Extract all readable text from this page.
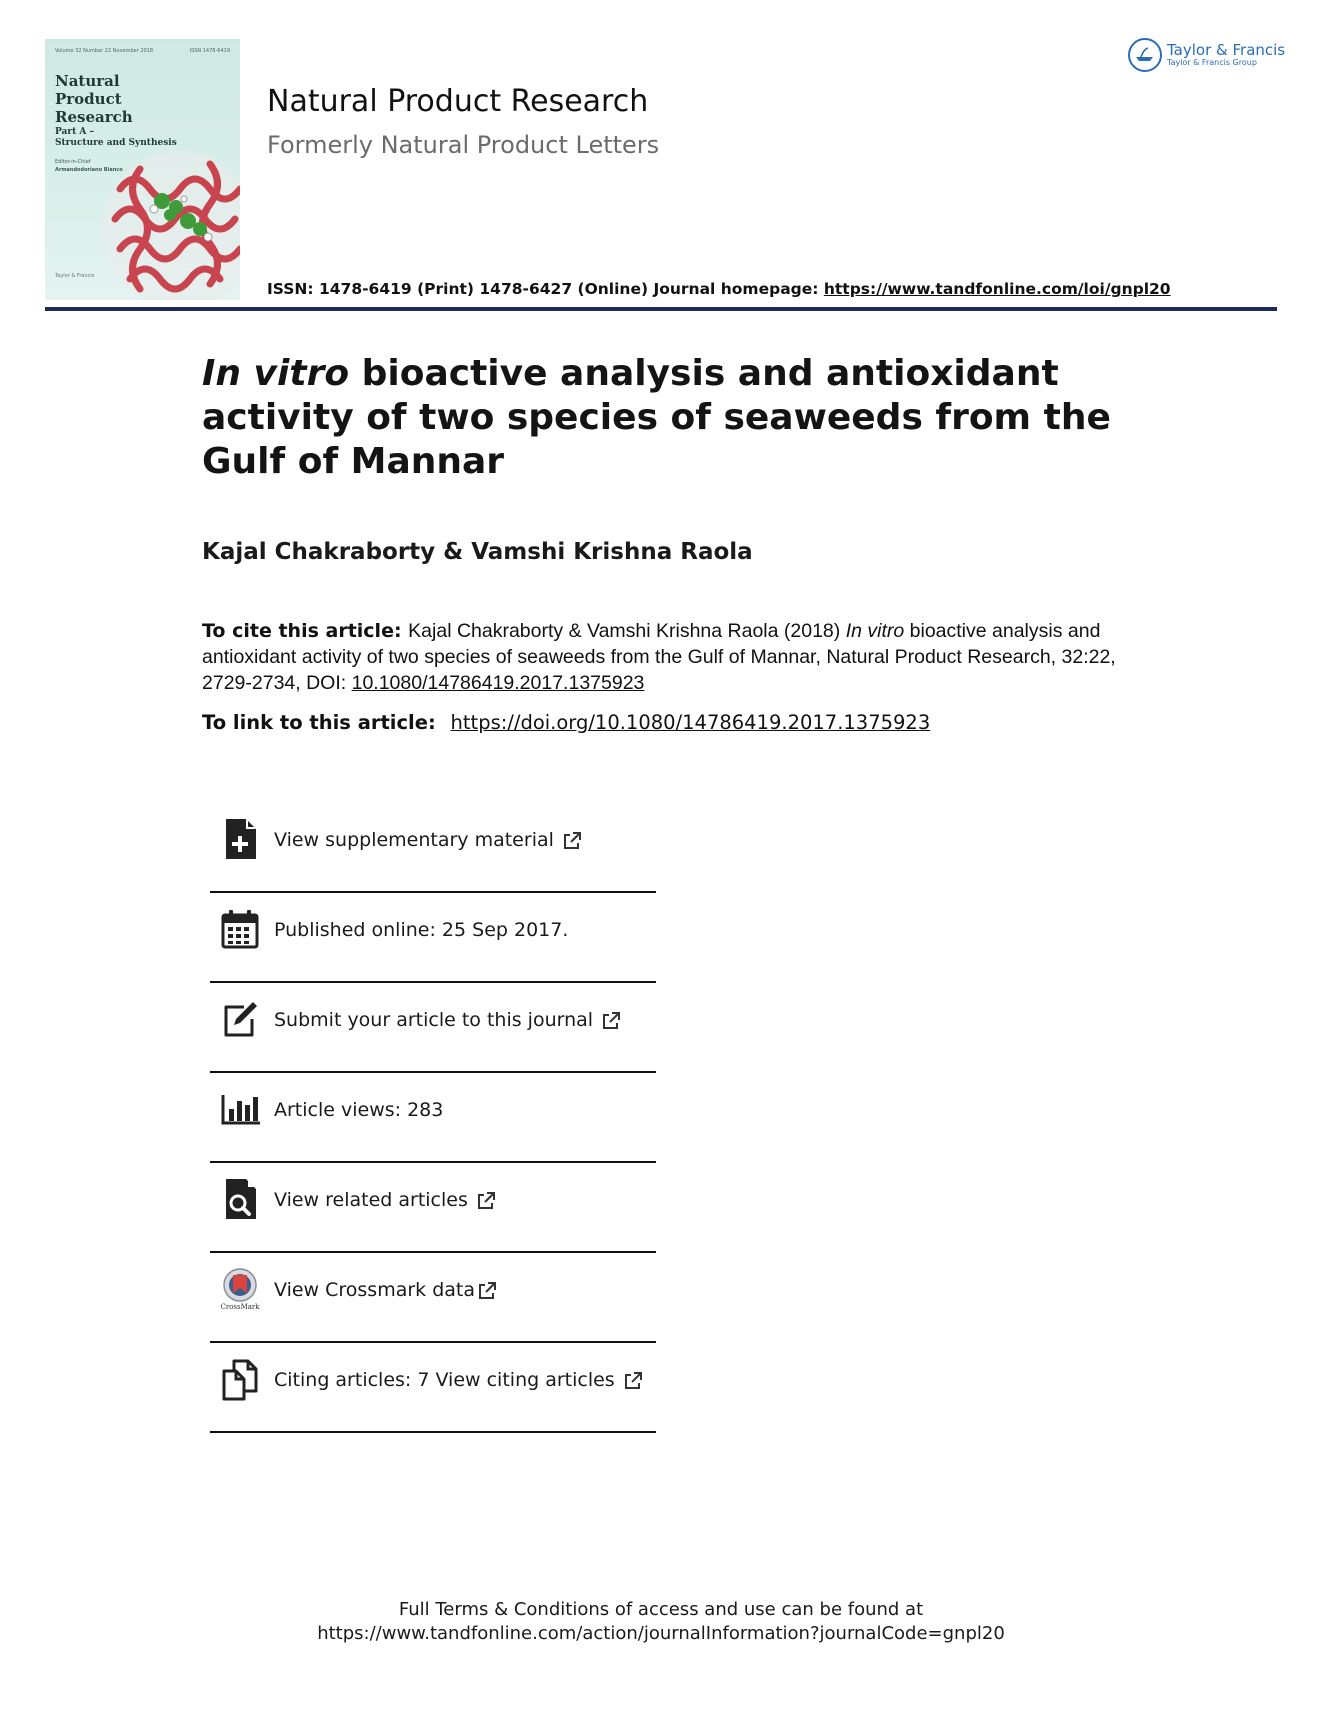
Volume 32 Number 22 November 2018	ISSN 1478-6419
Natural
Product
Research
Part A –
Structure and Synthesis
Editor-in-Chief
Armandodoriano Bianco
Taylor & Francis
Natural Product Research
Formerly Natural Product Letters
ISSN: 1478-6419 (Print) 1478-6427 (Online) Journal homepage: https://www.tandfonline.com/loi/gnpl20
Taylor & Francis
Taylor & Francis Group
In vitro bioactive analysis and antioxidant activity of two species of seaweeds from the Gulf of Mannar
Kajal Chakraborty & Vamshi Krishna Raola
To cite this article: Kajal Chakraborty & Vamshi Krishna Raola (2018) In vitro bioactive analysis and antioxidant activity of two species of seaweeds from the Gulf of Mannar, Natural Product Research, 32:22, 2729-2734, DOI: 10.1080/14786419.2017.1375923
To link to this article: https://doi.org/10.1080/14786419.2017.1375923
View supplementary material
Published online: 25 Sep 2017.
Submit your article to this journal
Article views: 283
View related articles
CrossMark
View Crossmark data
Citing articles: 7 View citing articles
Full Terms & Conditions of access and use can be found at
https://www.tandfonline.com/action/journalInformation?journalCode=gnpl20
